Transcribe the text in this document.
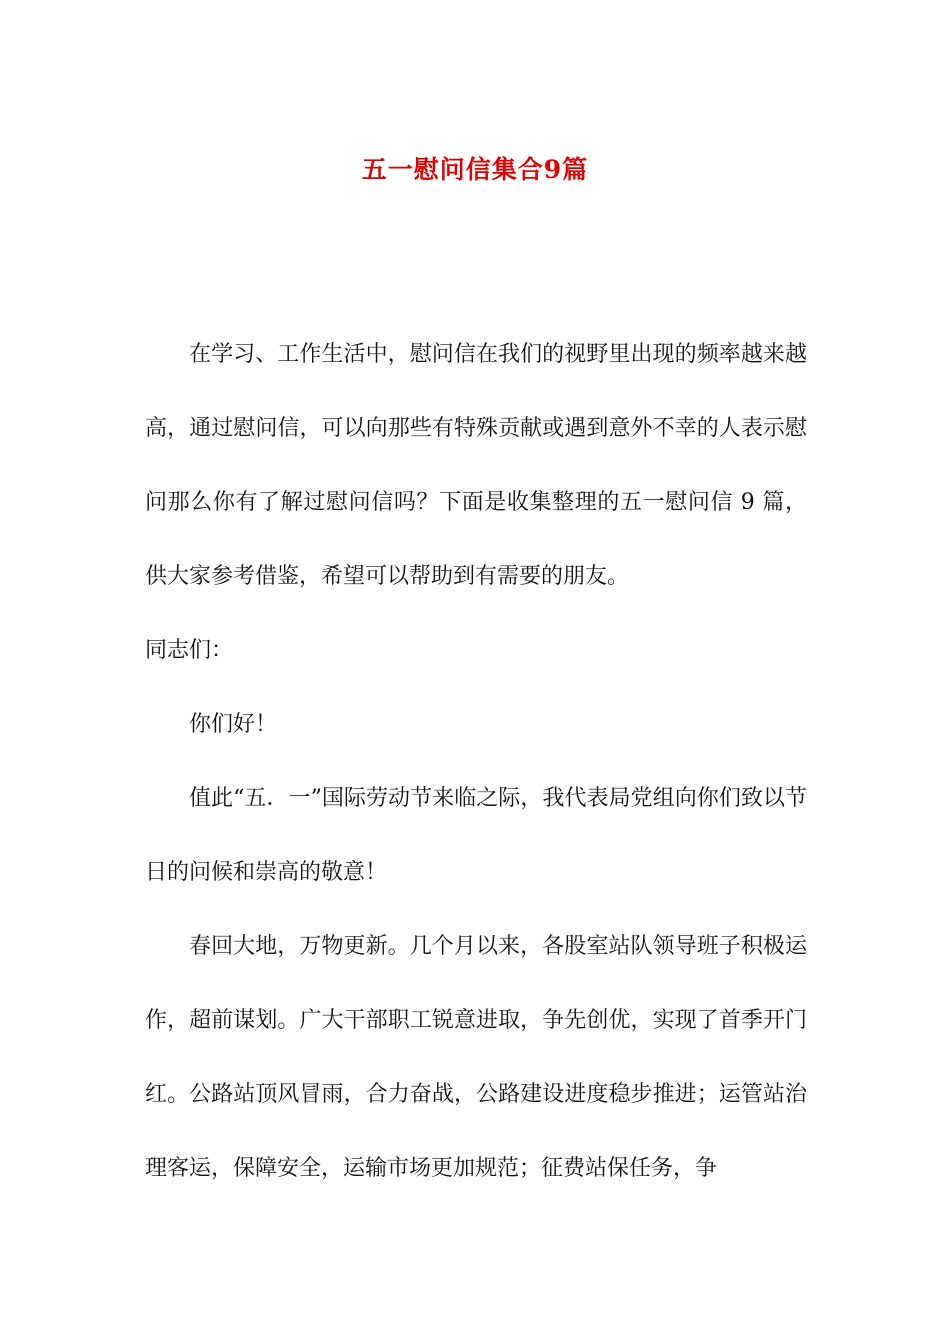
五一慰问信集合9篇

在学习、工作生活中，慰问信在我们的视野里出现的频率越来越高，通过慰问信，可以向那些有特殊贡献或遇到意外不幸的人表示慰问那么你有了解过慰问信吗？下面是收集整理的五一慰问信 9 篇，供大家参考借鉴，希望可以帮助到有需要的朋友。

同志们：

你们好！

值此“五．一”国际劳动节来临之际，我代表局党组向你们致以节日的问候和崇高的敬意！

春回大地，万物更新。几个月以来，各股室站队领导班子积极运作，超前谋划。广大干部职工锐意进取，争先创优，实现了首季开门红。公路站顶风冒雨，合力奋战，公路建设进度稳步推进；运管站治理客运，保障安全，运输市场更加规范；征费站保任务，争
